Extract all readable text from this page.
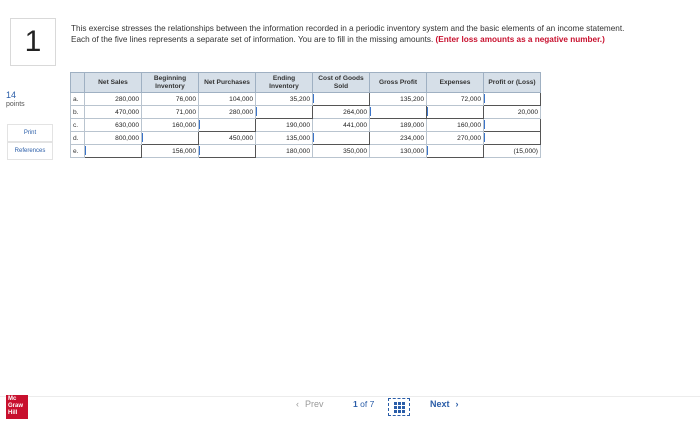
1
14
points
Print
References
This exercise stresses the relationships between the information recorded in a periodic inventory system and the basic elements of an income statement. Each of the five lines represents a separate set of information. You are to fill in the missing amounts. (Enter loss amounts as a negative number.)
	Net Sales	Beginning Inventory	Net Purchases	Ending Inventory	Cost of Goods Sold	Gross Profit	Expenses	Profit or (Loss)
a.	280,000	76,000	104,000	35,200		135,200	72,000	
b.	470,000	71,000	280,000		264,000			20,000
c.	630,000	160,000		190,000	441,000	189,000	160,000	
d.	800,000		450,000	135,000		234,000	270,000	
e.		156,000		180,000	350,000	130,000		(15,000)
Mc
Graw
Hill
‹ Prev	1
of
7	Next ›
